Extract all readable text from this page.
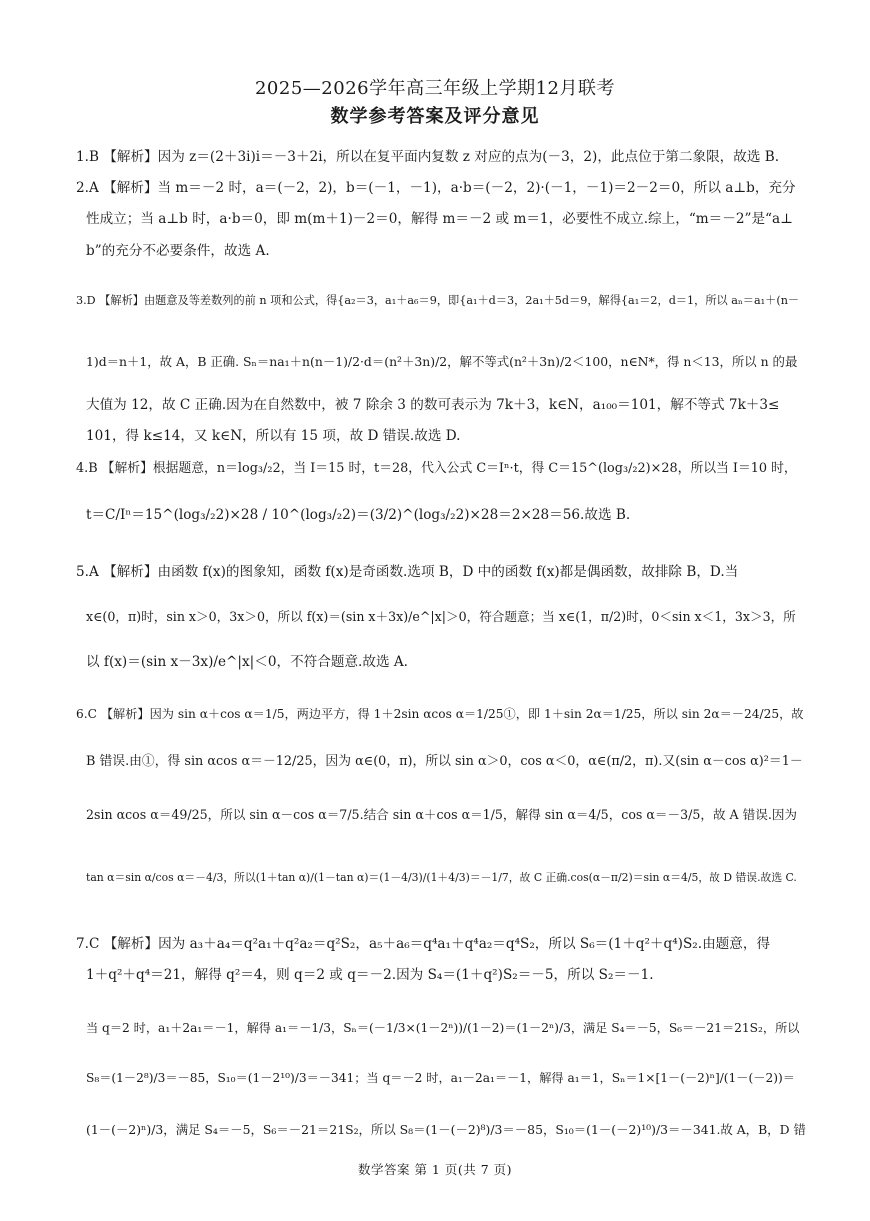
2025—2026学年高三年级上学期12月联考
数学参考答案及评分意见
1.B 【解析】因为 z＝(2＋3i)i＝－3＋2i，所以在复平面内复数 z 对应的点为(－3，2)，此点位于第二象限，故选 B.
2.A 【解析】当 m＝－2 时，a＝(－2，2)，b＝(－1，－1)，a·b＝(－2，2)·(－1，－1)＝2－2＝0，所以 a⊥b，充分
性成立；当 a⊥b 时，a·b＝0，即 m(m＋1)－2＝0，解得 m＝－2 或 m＝1，必要性不成立.综上，“m＝－2”是“a⊥
b”的充分不必要条件，故选 A.
3.D 【解析】由题意及等差数列的前 n 项和公式，得{a₂＝3，a₁＋a₆＝9，即{a₁＋d＝3，2a₁＋5d＝9，解得{a₁＝2，d＝1，所以 aₙ＝a₁＋(n－
1)d＝n＋1，故 A，B 正确. Sₙ＝na₁＋n(n－1)/2·d＝(n²＋3n)/2，解不等式(n²＋3n)/2＜100，n∈N*，得 n＜13，所以 n 的最
大值为 12，故 C 正确.因为在自然数中，被 7 除余 3 的数可表示为 7k＋3，k∈N，a₁₀₀＝101，解不等式 7k＋3≤
101，得 k≤14，又 k∈N，所以有 15 项，故 D 错误.故选 D.
4.B 【解析】根据题意，n＝log₃/₂2，当 I＝15 时，t＝28，代入公式 C＝Iⁿ·t，得 C＝15^(log₃/₂2)×28，所以当 I＝10 时，
t＝C/Iⁿ＝15^(log₃/₂2)×28 / 10^(log₃/₂2)＝(3/2)^(log₃/₂2)×28＝2×28＝56.故选 B.
5.A 【解析】由函数 f(x)的图象知，函数 f(x)是奇函数.选项 B，D 中的函数 f(x)都是偶函数，故排除 B，D.当
x∈(0，π)时，sin x＞0，3x＞0，所以 f(x)＝(sin x＋3x)/e^|x|＞0，符合题意；当 x∈(1，π/2)时，0＜sin x＜1，3x＞3，所
以 f(x)＝(sin x－3x)/e^|x|＜0，不符合题意.故选 A.
6.C 【解析】因为 sin α＋cos α＝1/5，两边平方，得 1＋2sin αcos α＝1/25①，即 1＋sin 2α＝1/25，所以 sin 2α＝－24/25，故
B 错误.由①，得 sin αcos α＝－12/25，因为 α∈(0，π)，所以 sin α＞0，cos α＜0，α∈(π/2，π).又(sin α－cos α)²＝1－
2sin αcos α＝49/25，所以 sin α－cos α＝7/5.结合 sin α＋cos α＝1/5，解得 sin α＝4/5，cos α＝－3/5，故 A 错误.因为
tan α＝sin α/cos α＝－4/3，所以(1＋tan α)/(1－tan α)＝(1－4/3)/(1＋4/3)＝－1/7，故 C 正确.cos(α－π/2)＝sin α＝4/5，故 D 错误.故选 C.
7.C 【解析】因为 a₃＋a₄＝q²a₁＋q²a₂＝q²S₂，a₅＋a₆＝q⁴a₁＋q⁴a₂＝q⁴S₂，所以 S₆＝(1＋q²＋q⁴)S₂.由题意，得
1＋q²＋q⁴＝21，解得 q²＝4，则 q＝2 或 q＝－2.因为 S₄＝(1＋q²)S₂＝－5，所以 S₂＝－1.
当 q＝2 时，a₁＋2a₁＝－1，解得 a₁＝－1/3，Sₙ＝(－1/3×(1－2ⁿ))/(1－2)＝(1－2ⁿ)/3，满足 S₄＝－5，S₆＝－21＝21S₂，所以
S₈＝(1－2⁸)/3＝－85，S₁₀＝(1－2¹⁰)/3＝－341；当 q＝－2 时，a₁－2a₁＝－1，解得 a₁＝1，Sₙ＝1×[1－(－2)ⁿ]/(1－(－2))＝
(1－(－2)ⁿ)/3，满足 S₄＝－5，S₆＝－21＝21S₂，所以 S₈＝(1－(－2)⁸)/3＝－85，S₁₀＝(1－(－2)¹⁰)/3＝－341.故 A，B，D 错
数学答案 第 1 页(共 7 页)
